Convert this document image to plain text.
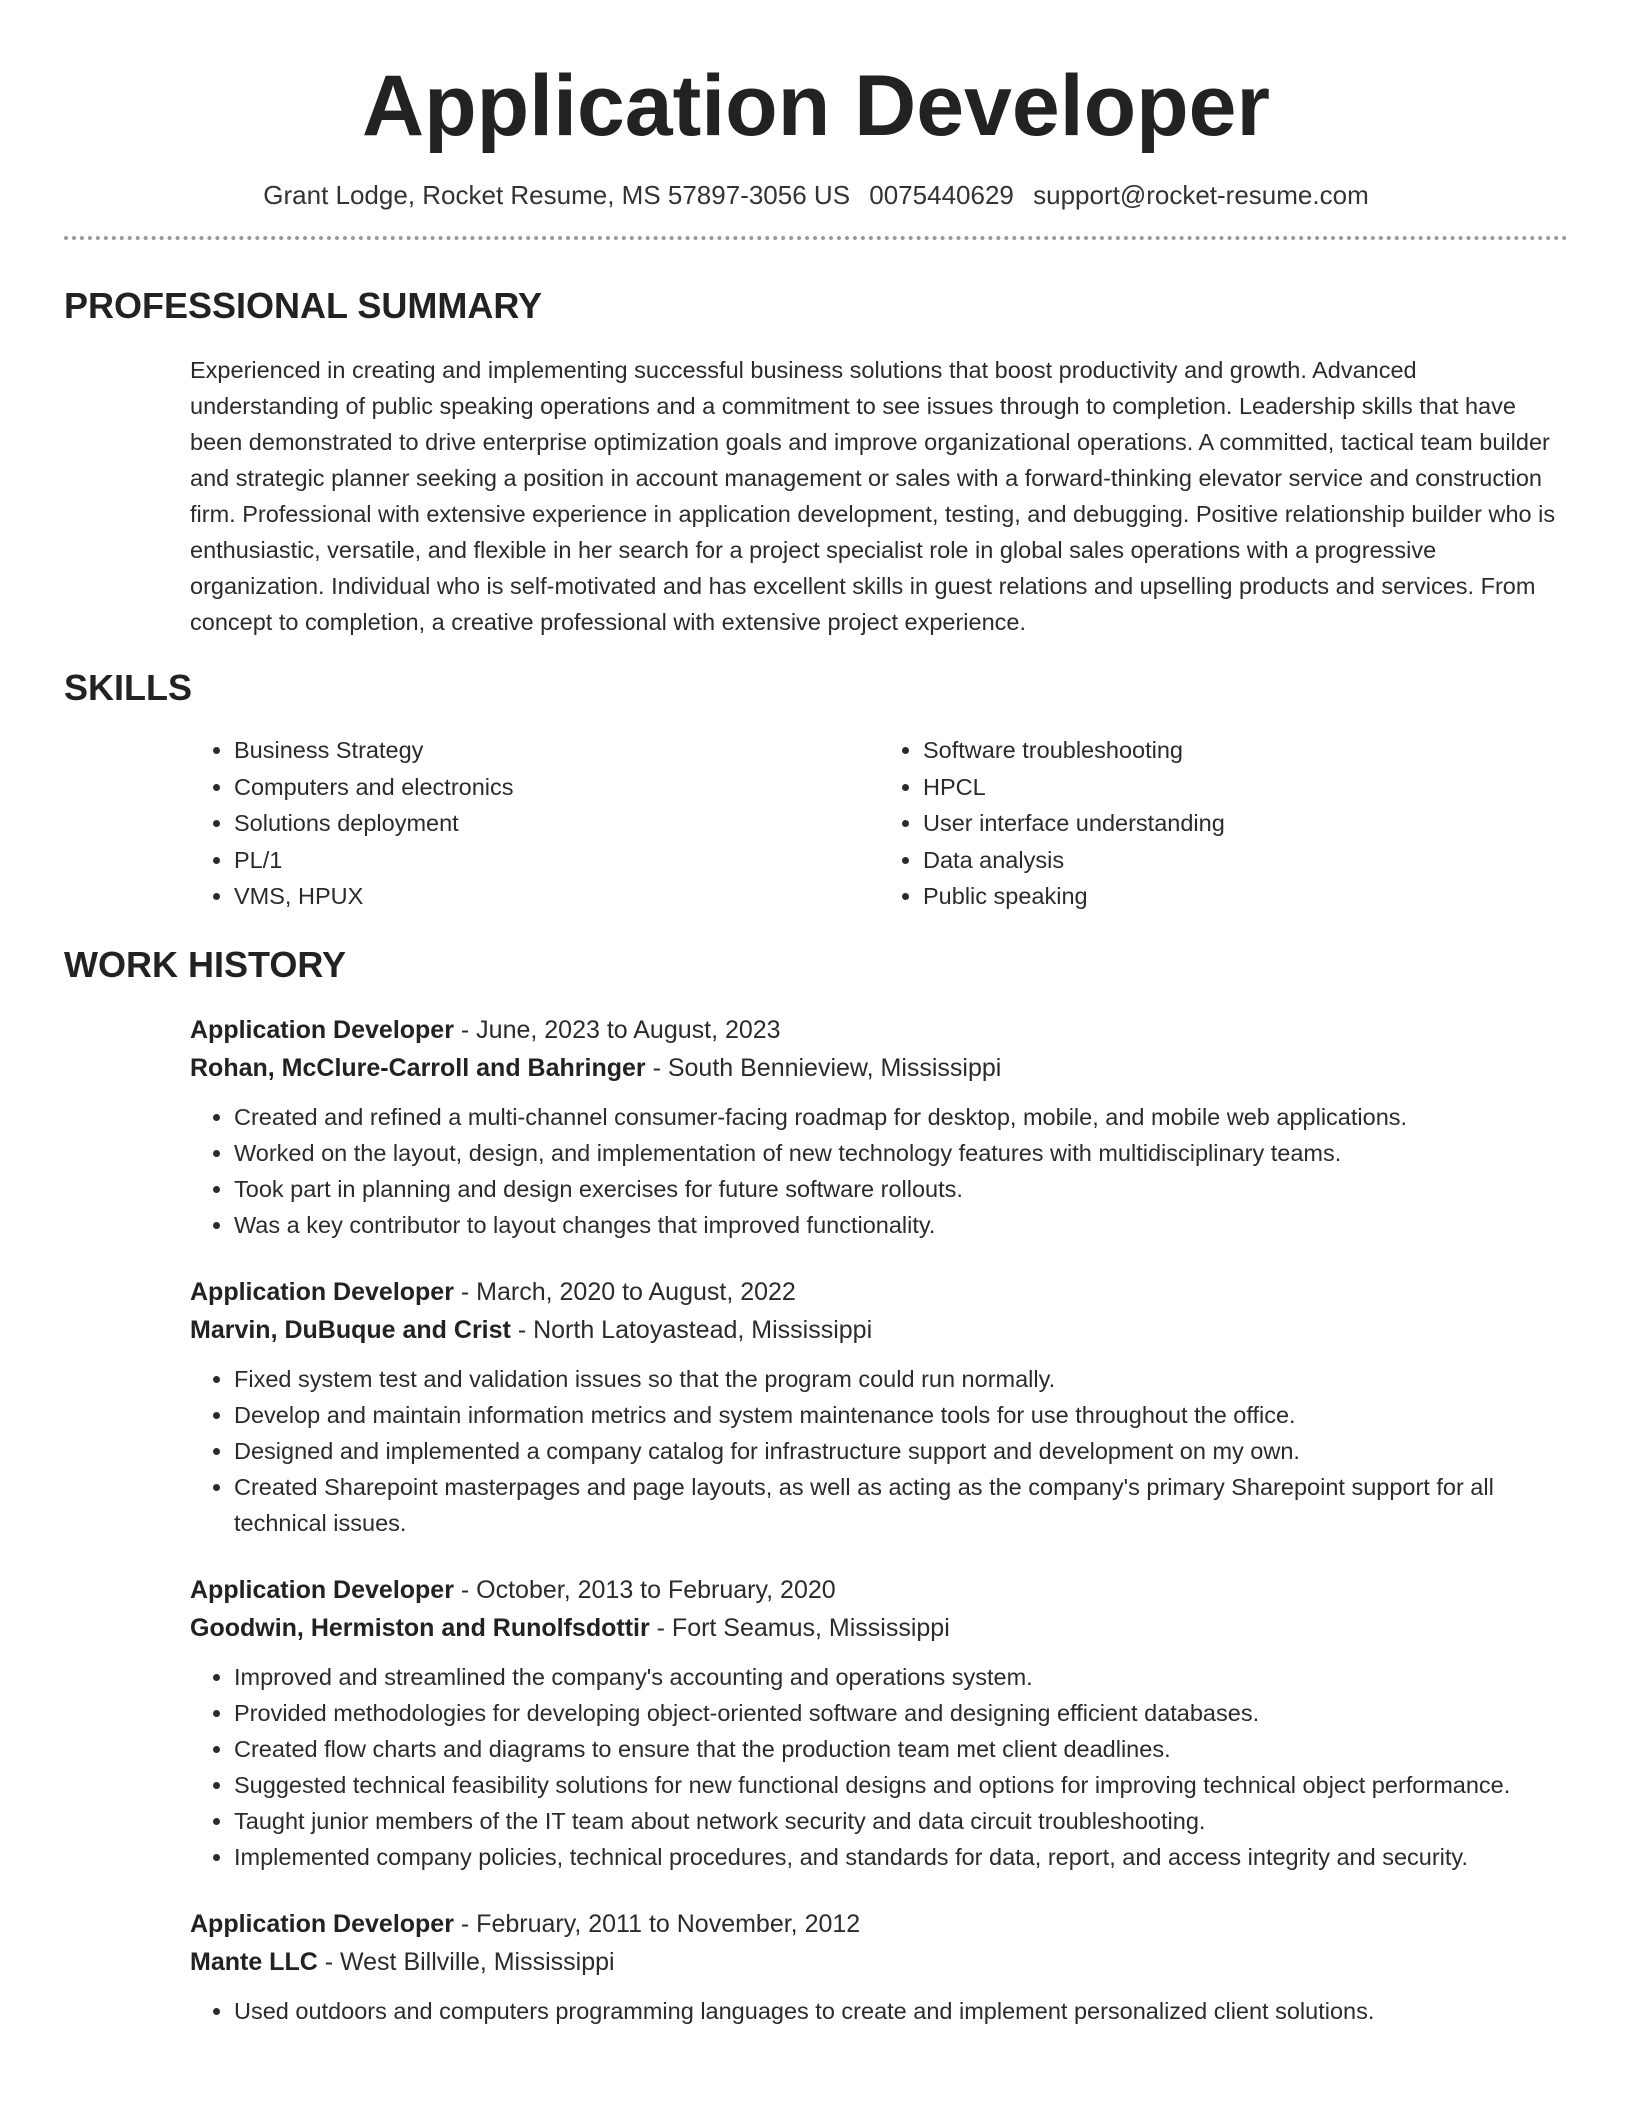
Application Developer
Grant Lodge, Rocket Resume, MS 57897-3056 US 0075440629 support@rocket-resume.com
PROFESSIONAL SUMMARY
Experienced in creating and implementing successful business solutions that boost productivity and growth. Advanced understanding of public speaking operations and a commitment to see issues through to completion. Leadership skills that have been demonstrated to drive enterprise optimization goals and improve organizational operations. A committed, tactical team builder and strategic planner seeking a position in account management or sales with a forward-thinking elevator service and construction firm. Professional with extensive experience in application development, testing, and debugging. Positive relationship builder who is enthusiastic, versatile, and flexible in her search for a project specialist role in global sales operations with a progressive organization. Individual who is self-motivated and has excellent skills in guest relations and upselling products and services. From concept to completion, a creative professional with extensive project experience.
SKILLS
• Business Strategy
• Computers and electronics
• Solutions deployment
• PL/1
• VMS, HPUX
• Software troubleshooting
• HPCL
• User interface understanding
• Data analysis
• Public speaking
WORK HISTORY
Application Developer - June, 2023 to August, 2023
Rohan, McClure-Carroll and Bahringer - South Bennieview, Mississippi
• Created and refined a multi-channel consumer-facing roadmap for desktop, mobile, and mobile web applications.
• Worked on the layout, design, and implementation of new technology features with multidisciplinary teams.
• Took part in planning and design exercises for future software rollouts.
• Was a key contributor to layout changes that improved functionality.
Application Developer - March, 2020 to August, 2022
Marvin, DuBuque and Crist - North Latoyastead, Mississippi
• Fixed system test and validation issues so that the program could run normally.
• Develop and maintain information metrics and system maintenance tools for use throughout the office.
• Designed and implemented a company catalog for infrastructure support and development on my own.
• Created Sharepoint masterpages and page layouts, as well as acting as the company's primary Sharepoint support for all technical issues.
Application Developer - October, 2013 to February, 2020
Goodwin, Hermiston and Runolfsdottir - Fort Seamus, Mississippi
• Improved and streamlined the company's accounting and operations system.
• Provided methodologies for developing object-oriented software and designing efficient databases.
• Created flow charts and diagrams to ensure that the production team met client deadlines.
• Suggested technical feasibility solutions for new functional designs and options for improving technical object performance.
• Taught junior members of the IT team about network security and data circuit troubleshooting.
• Implemented company policies, technical procedures, and standards for data, report, and access integrity and security.
Application Developer - February, 2011 to November, 2012
Mante LLC - West Billville, Mississippi
• Used outdoors and computers programming languages to create and implement personalized client solutions.
